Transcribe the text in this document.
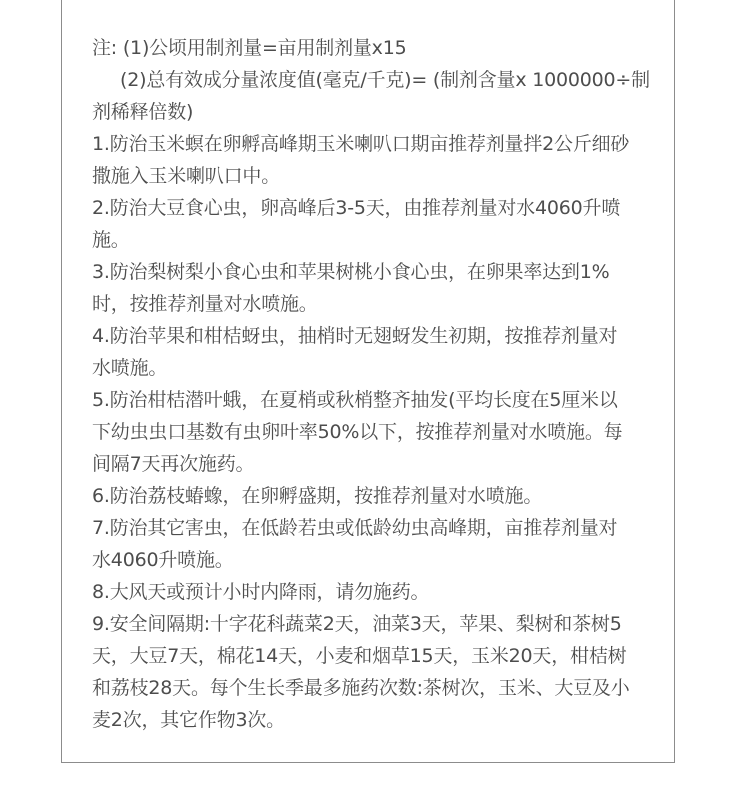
注: (1)公顷用制剂量=亩用制剂量x15
(2)总有效成分量浓度值(毫克/千克)= (制剂含量x 1000000÷制
剂稀释倍数)
1.防治玉米螟在卵孵高峰期玉米喇叭口期亩推荐剂量拌2公斤细砂
撒施入玉米喇叭口中。
2.防治大豆食心虫，卵高峰后3-5天，由推荐剂量对水4060升喷
施。
3.防治梨树梨小食心虫和苹果树桃小食心虫，在卵果率达到1%
时，按推荐剂量对水喷施。
4.防治苹果和柑桔蚜虫，抽梢时无翅蚜发生初期，按推荐剂量对
水喷施。
5.防治柑桔潜叶蛾，在夏梢或秋梢整齐抽发(平均长度在5厘米以
下幼虫虫口基数有虫卵叶率50%以下，按推荐剂量对水喷施。每
间隔7天再次施药。
6.防治荔枝蝽蟓，在卵孵盛期，按推荐剂量对水喷施。
7.防治其它害虫，在低龄若虫或低龄幼虫高峰期，亩推荐剂量对
水4060升喷施。
8.大风天或预计小时内降雨，请勿施药。
9.安全间隔期:十字花科蔬菜2天，油菜3天，苹果、梨树和茶树5
天，大豆7天，棉花14天，小麦和烟草15天，玉米20天，柑桔树
和荔枝28天。每个生长季最多施药次数:茶树次，玉米、大豆及小
麦2次，其它作物3次。
